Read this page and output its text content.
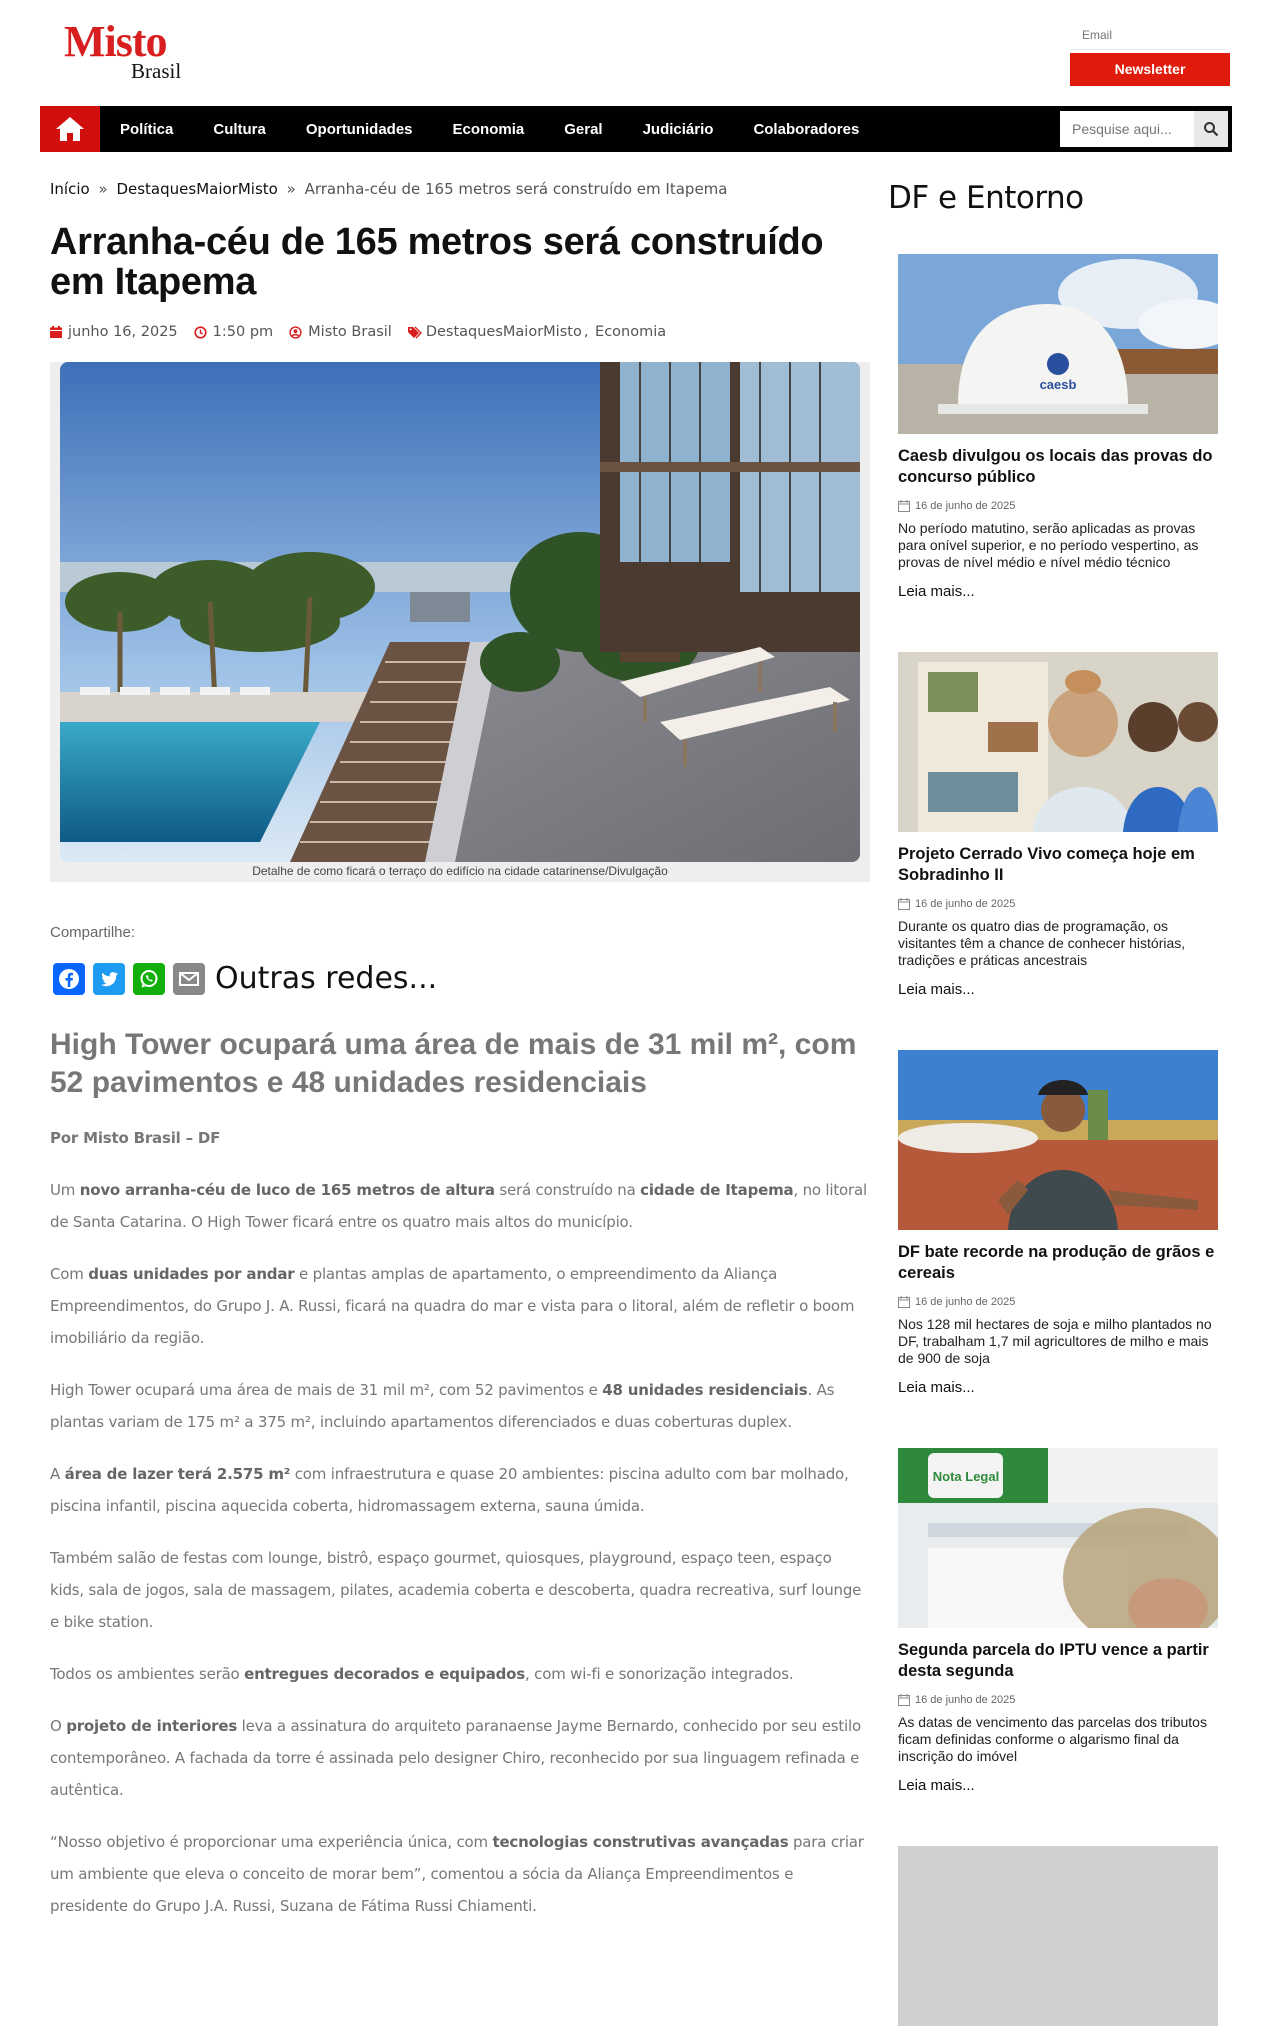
Misto
Brasil
Email	Newsletter
Política	Cultura	Oportunidades	Economia	Geral	Judiciário	Colaboradores
Pesquise aqui...
Início » DestaquesMaiorMisto » Arranha-céu de 165 metros será construído em Itapema
Arranha-céu de 165 metros será construído em Itapema
junho 16, 2025 1:50 pm Misto Brasil DestaquesMaiorMisto , Economia
Detalhe de como ficará o terraço do edifício na cidade catarinense/Divulgação
Compartilhe:
Outras redes...
High Tower ocupará uma área de mais de 31 mil m², com 52 pavimentos e 48 unidades residenciais

Por Misto Brasil – DF

Um novo arranha-céu de luco de 165 metros de altura será construído na cidade de Itapema, no litoral de Santa Catarina. O High Tower ficará entre os quatro mais altos do município.

Com duas unidades por andar e plantas amplas de apartamento, o empreendimento da Aliança Empreendimentos, do Grupo J. A. Russi, ficará na quadra do mar e vista para o litoral, além de refletir o boom imobiliário da região.

High Tower ocupará uma área de mais de 31 mil m², com 52 pavimentos e 48 unidades residenciais. As plantas variam de 175 m² a 375 m², incluindo apartamentos diferenciados e duas coberturas duplex.

A área de lazer terá 2.575 m² com infraestrutura e quase 20 ambientes: piscina adulto com bar molhado, piscina infantil, piscina aquecida coberta, hidromassagem externa, sauna úmida.

Também salão de festas com lounge, bistrô, espaço gourmet, quiosques, playground, espaço teen, espaço kids, sala de jogos, sala de massagem, pilates, academia coberta e descoberta, quadra recreativa, surf lounge e bike station.

Todos os ambientes serão entregues decorados e equipados, com wi-fi e sonorização integrados.

O projeto de interiores leva a assinatura do arquiteto paranaense Jayme Bernardo, conhecido por seu estilo contemporâneo. A fachada da torre é assinada pelo designer Chiro, reconhecido por sua linguagem refinada e autêntica.

“Nosso objetivo é proporcionar uma experiência única, com tecnologias construtivas avançadas para criar um ambiente que eleva o conceito de morar bem”, comentou a sócia da Aliança Empreendimentos e presidente do Grupo J.A. Russi, Suzana de Fátima Russi Chiamenti.

DF e Entorno
caesb
Caesb divulgou os locais das provas do concurso público
16 de junho de 2025
No período matutino, serão aplicadas as provas para onível superior, e no período vespertino, as provas de nível médio e nível médio técnico
Leia mais...
Projeto Cerrado Vivo começa hoje em Sobradinho II
16 de junho de 2025
Durante os quatro dias de programação, os visitantes têm a chance de conhecer histórias, tradições e práticas ancestrais
Leia mais...
DF bate recorde na produção de grãos e cereais
16 de junho de 2025
Nos 128 mil hectares de soja e milho plantados no DF, trabalham 1,7 mil agricultores de milho e mais de 900 de soja
Leia mais...
Nota Legal
Segunda parcela do IPTU vence a partir desta segunda
16 de junho de 2025
As datas de vencimento das parcelas dos tributos ficam definidas conforme o algarismo final da inscrição do imóvel
Leia mais...
